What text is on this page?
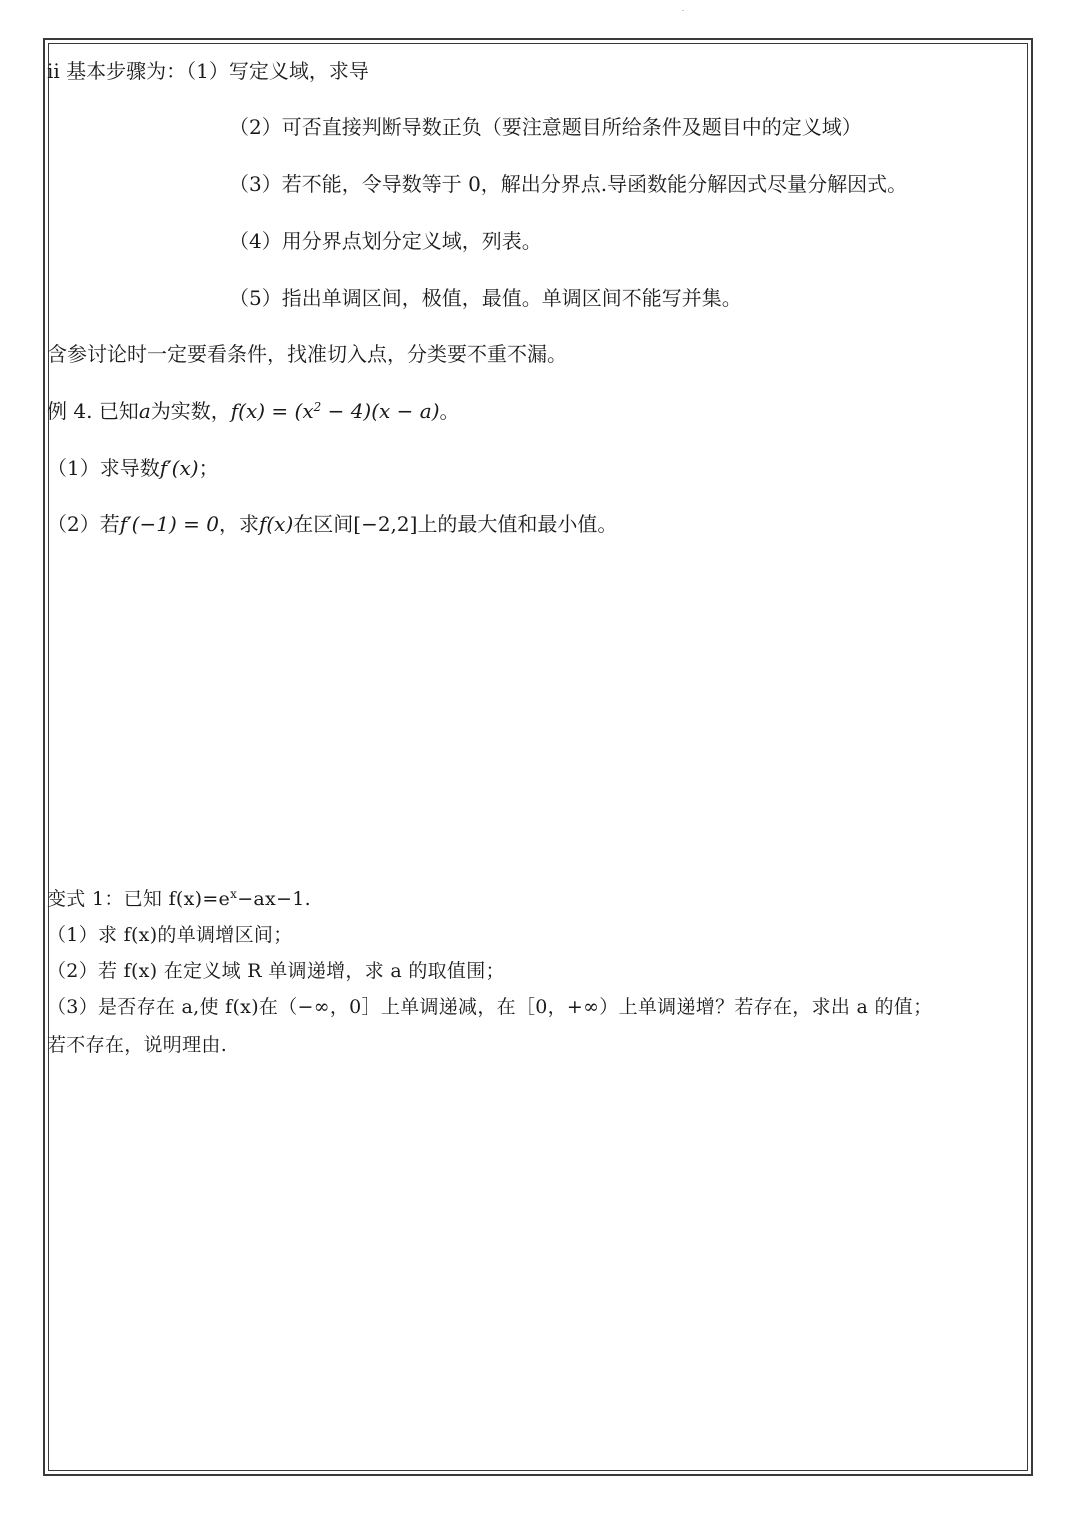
ⅱ 基本步骤为：（1）写定义域，求导
（2）可否直接判断导数正负（要注意题目所给条件及题目中的定义域）
（3）若不能，令导数等于 0，解出分界点.导函数能分解因式尽量分解因式。
（4）用分界点划分定义域，列表。
（5）指出单调区间，极值，最值。单调区间不能写并集。
含参讨论时一定要看条件，找准切入点，分类要不重不漏。
例 4. 已知a为实数，$f(x) = (x^2 - 4)(x - a)$。
（1）求导数f′(x)；
（2）若f′(−1) = 0，求f(x)在区间[−2,2]上的最大值和最小值。
变式 1：已知 $f(x)=e^x-ax-1$.
（1）求 f(x)的单调增区间；
（2）若 f(x) 在定义域 R 单调递增，求 a 的取值围；
（3）是否存在 a,使 f(x)在（−∞，0］上单调递减，在［0，+∞）上单调递增？若存在，求出 a 的值；
若不存在，说明理由.
